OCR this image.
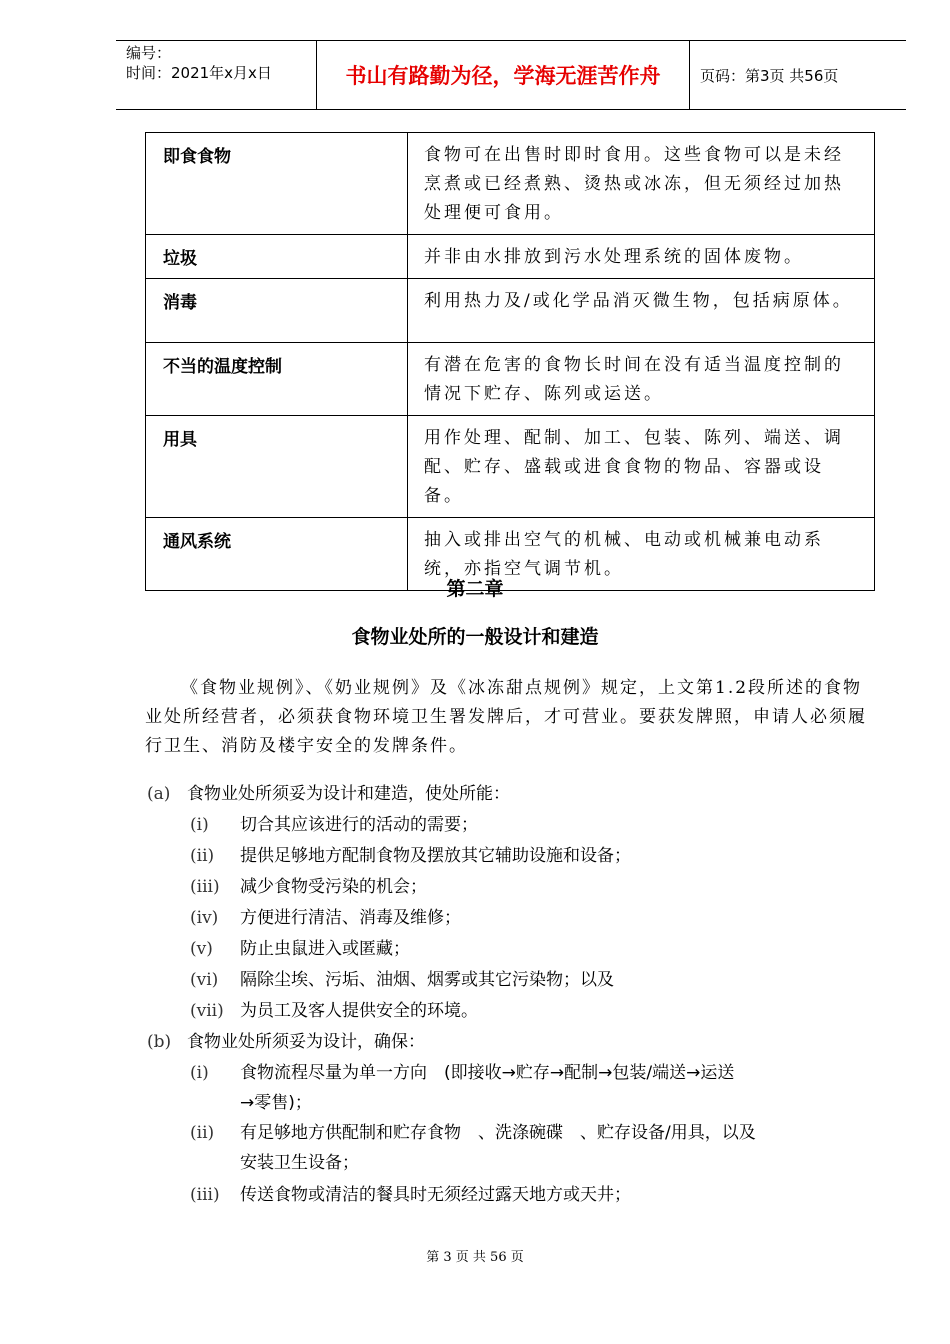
编号：
时间：2021年x月x日	书山有路勤为径，学海无涯苦作舟	页码：第3页 共56页
即食食物	食物可在出售时即时食用。这些食物可以是未经烹煮或已经煮熟、烫热或冰冻，但无须经过加热处理便可食用。
垃圾	并非由水排放到污水处理系统的固体废物。
消毒	利用热力及/或化学品消灭微生物，包括病原体。
不当的温度控制	有潜在危害的食物长时间在没有适当温度控制的情况下贮存、陈列或运送。
用具	用作处理、配制、加工、包装、陈列、端送、调配、贮存、盛载或进食食物的物品、容器或设备。
通风系统	抽入或排出空气的机械、电动或机械兼电动系统，亦指空气调节机。
第二章
食物业处所的一般设计和建造
《食物业规例》、《奶业规例》及《冰冻甜点规例》规定，上文第1.2段所述的食物业处所经营者，必须获食物环境卫生署发牌后，才可营业。要获发牌照，申请人必须履行卫生、消防及楼宇安全的发牌条件。
(a) 食物业处所须妥为设计和建造，使处所能：
(i) 切合其应该进行的活动的需要；
(ii) 提供足够地方配制食物及摆放其它辅助设施和设备；
(iii) 减少食物受污染的机会；
(iv) 方便进行清洁、消毒及维修；
(v) 防止虫鼠进入或匿藏；
(vi) 隔除尘埃、污垢、油烟、烟雾或其它污染物；以及
(vii) 为员工及客人提供安全的环境。
(b) 食物业处所须妥为设计，确保：
(i) 食物流程尽量为单一方向　(即接收→贮存→配制→包装/端送→运送
→零售)；
(ii) 有足够地方供配制和贮存食物　、洗涤碗碟　、贮存设备/用具，以及
安装卫生设备；
(iii) 传送食物或清洁的餐具时无须经过露天地方或天井；
第 3 页 共 56 页
